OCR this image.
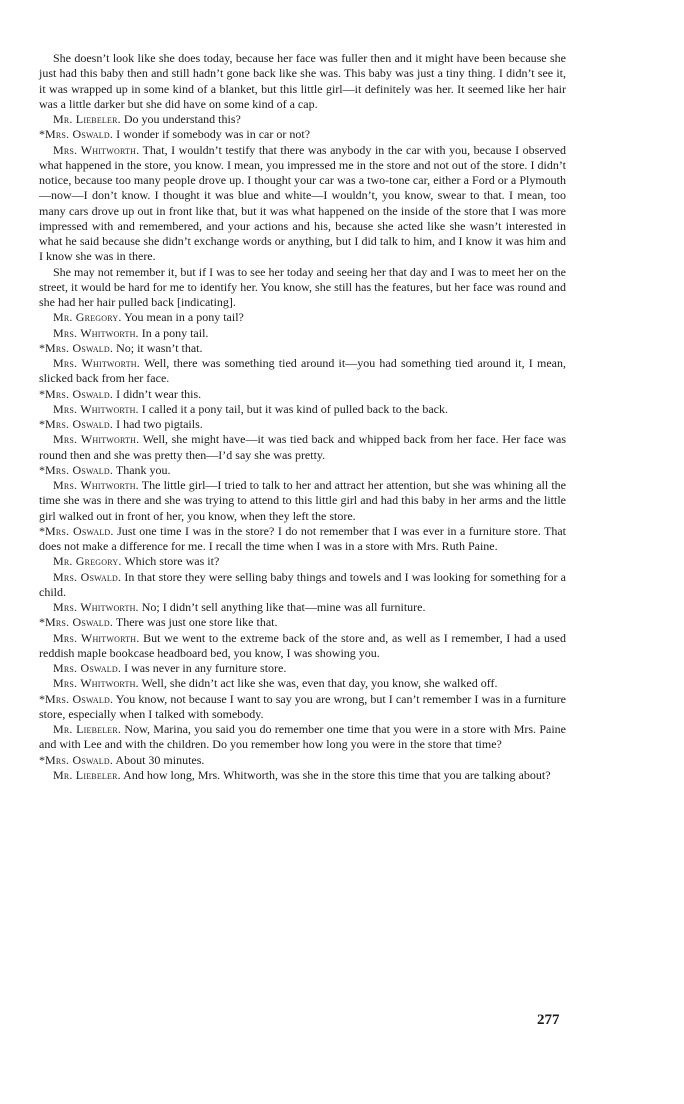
She doesn’t look like she does today, because her face was fuller then and it might have been because she just had this baby then and still hadn’t gone back like she was. This baby was just a tiny thing. I didn’t see it, it was wrapped up in some kind of a blanket, but this little girl—it definitely was her. It seemed like her hair was a little darker but she did have on some kind of a cap.

Mr. Liebeler. Do you understand this?

*Mrs. Oswald. I wonder if somebody was in car or not?

Mrs. Whitworth. That, I wouldn’t testify that there was anybody in the car with you, because I observed what happened in the store, you know. I mean, you impressed me in the store and not out of the store. I didn’t notice, because too many people drove up. I thought your car was a two-tone car, either a Ford or a Plymouth—now—I don’t know. I thought it was blue and white—I wouldn’t, you know, swear to that. I mean, too many cars drove up out in front like that, but it was what happened on the inside of the store that I was more impressed with and remembered, and your actions and his, because she acted like she wasn’t interested in what he said because she didn’t exchange words or anything, but I did talk to him, and I know it was him and I know she was in there.

She may not remember it, but if I was to see her today and seeing her that day and I was to meet her on the street, it would be hard for me to identify her. You know, she still has the features, but her face was round and she had her hair pulled back [indicating].

Mr. Gregory. You mean in a pony tail?

Mrs. Whitworth. In a pony tail.

*Mrs. Oswald. No; it wasn’t that.

Mrs. Whitworth. Well, there was something tied around it—you had something tied around it, I mean, slicked back from her face.

*Mrs. Oswald. I didn’t wear this.

Mrs. Whitworth. I called it a pony tail, but it was kind of pulled back to the back.

*Mrs. Oswald. I had two pigtails.

Mrs. Whitworth. Well, she might have—it was tied back and whipped back from her face. Her face was round then and she was pretty then—I’d say she was pretty.

*Mrs. Oswald. Thank you.

Mrs. Whitworth. The little girl—I tried to talk to her and attract her attention, but she was whining all the time she was in there and she was trying to attend to this little girl and had this baby in her arms and the little girl walked out in front of her, you know, when they left the store.

*Mrs. Oswald. Just one time I was in the store? I do not remember that I was ever in a furniture store. That does not make a difference for me. I recall the time when I was in a store with Mrs. Ruth Paine.

Mr. Gregory. Which store was it?

Mrs. Oswald. In that store they were selling baby things and towels and I was looking for something for a child.

Mrs. Whitworth. No; I didn’t sell anything like that—mine was all furniture.

*Mrs. Oswald. There was just one store like that.

Mrs. Whitworth. But we went to the extreme back of the store and, as well as I remember, I had a used reddish maple bookcase headboard bed, you know, I was showing you.

Mrs. Oswald. I was never in any furniture store.

Mrs. Whitworth. Well, she didn’t act like she was, even that day, you know, she walked off.

*Mrs. Oswald. You know, not because I want to say you are wrong, but I can’t remember I was in a furniture store, especially when I talked with somebody.

Mr. Liebeler. Now, Marina, you said you do remember one time that you were in a store with Mrs. Paine and with Lee and with the children. Do you remember how long you were in the store that time?

*Mrs. Oswald. About 30 minutes.

Mr. Liebeler. And how long, Mrs. Whitworth, was she in the store this time that you are talking about?

277
